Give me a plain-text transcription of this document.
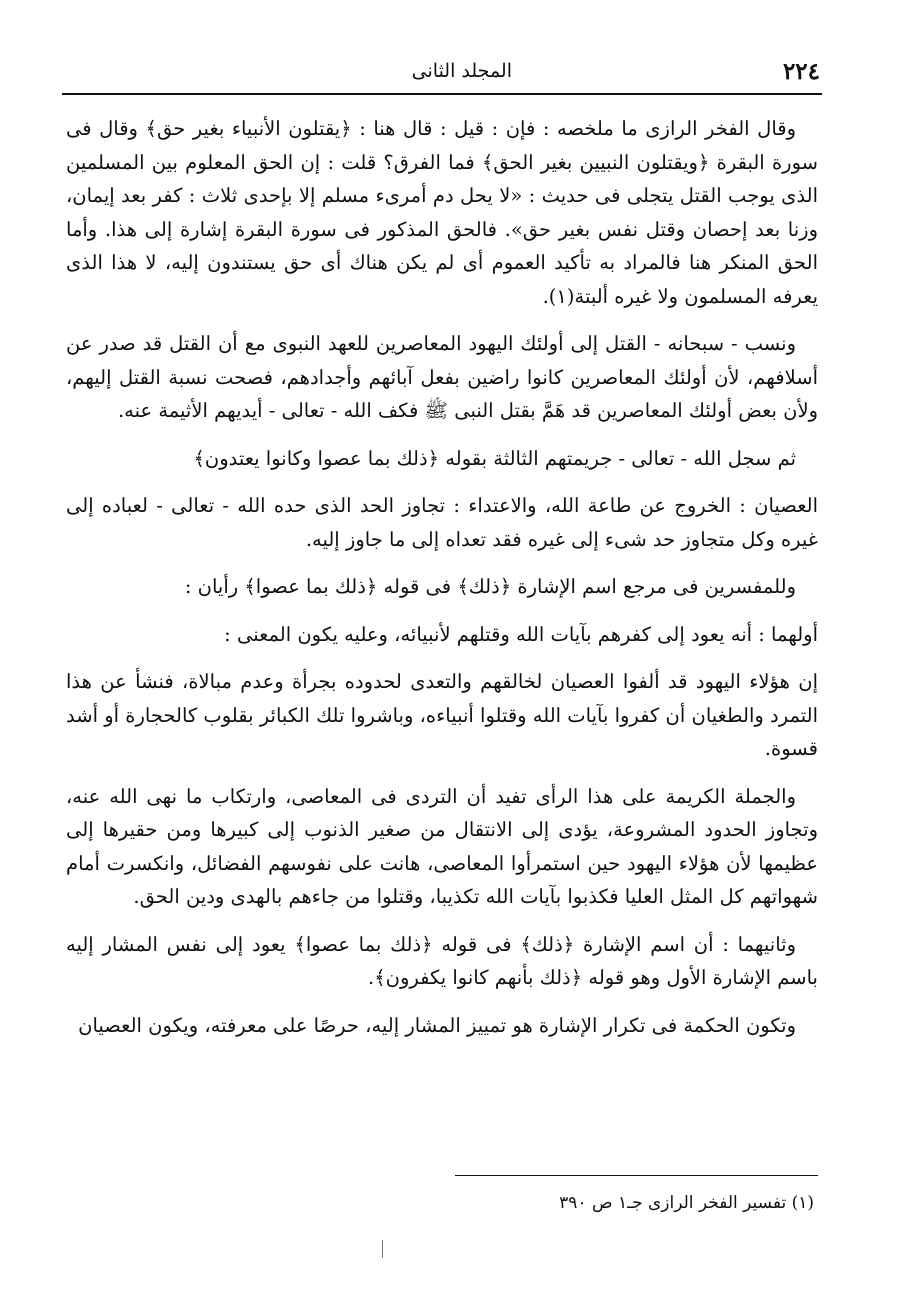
٢٢٤
المجلد الثانى

وقال الفخر الرازى ما ملخصه : فإن : قيل : قال هنا : ﴿يقتلون الأنبياء بغير حق﴾ وقال فى سورة البقرة ﴿ويقتلون النبيين بغير الحق﴾ فما الفرق؟ قلت : إن الحق المعلوم بين المسلمين الذى يوجب القتل يتجلى فى حديث : «لا يحل دم أمرىء مسلم إلا بإحدى ثلاث : كفر بعد إيمان، وزنا بعد إحصان وقتل نفس بغير حق». فالحق المذكور فى سورة البقرة إشارة إلى هذا. وأما الحق المنكر هنا فالمراد به تأكيد العموم أى لم يكن هناك أى حق يستندون إليه، لا هذا الذى يعرفه المسلمون ولا غيره ألبتة(١).

ونسب - سبحانه - القتل إلى أولئك اليهود المعاصرين للعهد النبوى مع أن القتل قد صدر عن أسلافهم، لأن أولئك المعاصرين كانوا راضين بفعل آبائهم وأجدادهم، فصحت نسبة القتل إليهم، ولأن بعض أولئك المعاصرين قد هَمَّ بقتل النبى ﷺ فكف الله - تعالى - أيديهم الأثيمة عنه.

ثم سجل الله - تعالى - جريمتهم الثالثة بقوله ﴿ذلك بما عصوا وكانوا يعتدون﴾

العصيان : الخروج عن طاعة الله، والاعتداء : تجاوز الحد الذى حده الله - تعالى - لعباده إلى غيره وكل متجاوز حد شىء إلى غيره فقد تعداه إلى ما جاوز إليه.

وللمفسرين فى مرجع اسم الإشارة ﴿ذلك﴾ فى قوله ﴿ذلك بما عصوا﴾ رأيان :

أولهما : أنه يعود إلى كفرهم بآيات الله وقتلهم لأنبيائه، وعليه يكون المعنى :

إن هؤلاء اليهود قد ألفوا العصيان لخالقهم والتعدى لحدوده بجرأة وعدم مبالاة، فنشأ عن هذا التمرد والطغيان أن كفروا بآيات الله وقتلوا أنبياءه، وباشروا تلك الكبائر بقلوب كالحجارة أو أشد قسوة.

والجملة الكريمة على هذا الرأى تفيد أن التردى فى المعاصى، وارتكاب ما نهى الله عنه، وتجاوز الحدود المشروعة، يؤدى إلى الانتقال من صغير الذنوب إلى كبيرها ومن حقيرها إلى عظيمها لأن هؤلاء اليهود حين استمرأوا المعاصى، هانت على نفوسهم الفضائل، وانكسرت أمام شهواتهم كل المثل العليا فكذبوا بآيات الله تكذيبا، وقتلوا من جاءهم بالهدى ودين الحق.

وثانيهما : أن اسم الإشارة ﴿ذلك﴾ فى قوله ﴿ذلك بما عصوا﴾ يعود إلى نفس المشار إليه باسم الإشارة الأول وهو قوله ﴿ذلك بأنهم كانوا يكفرون﴾.

وتكون الحكمة فى تكرار الإشارة هو تمييز المشار إليه، حرصًا على معرفته، ويكون العصيان

(١) تفسير الفخر الرازى جـ١ ص ٣٩٠
